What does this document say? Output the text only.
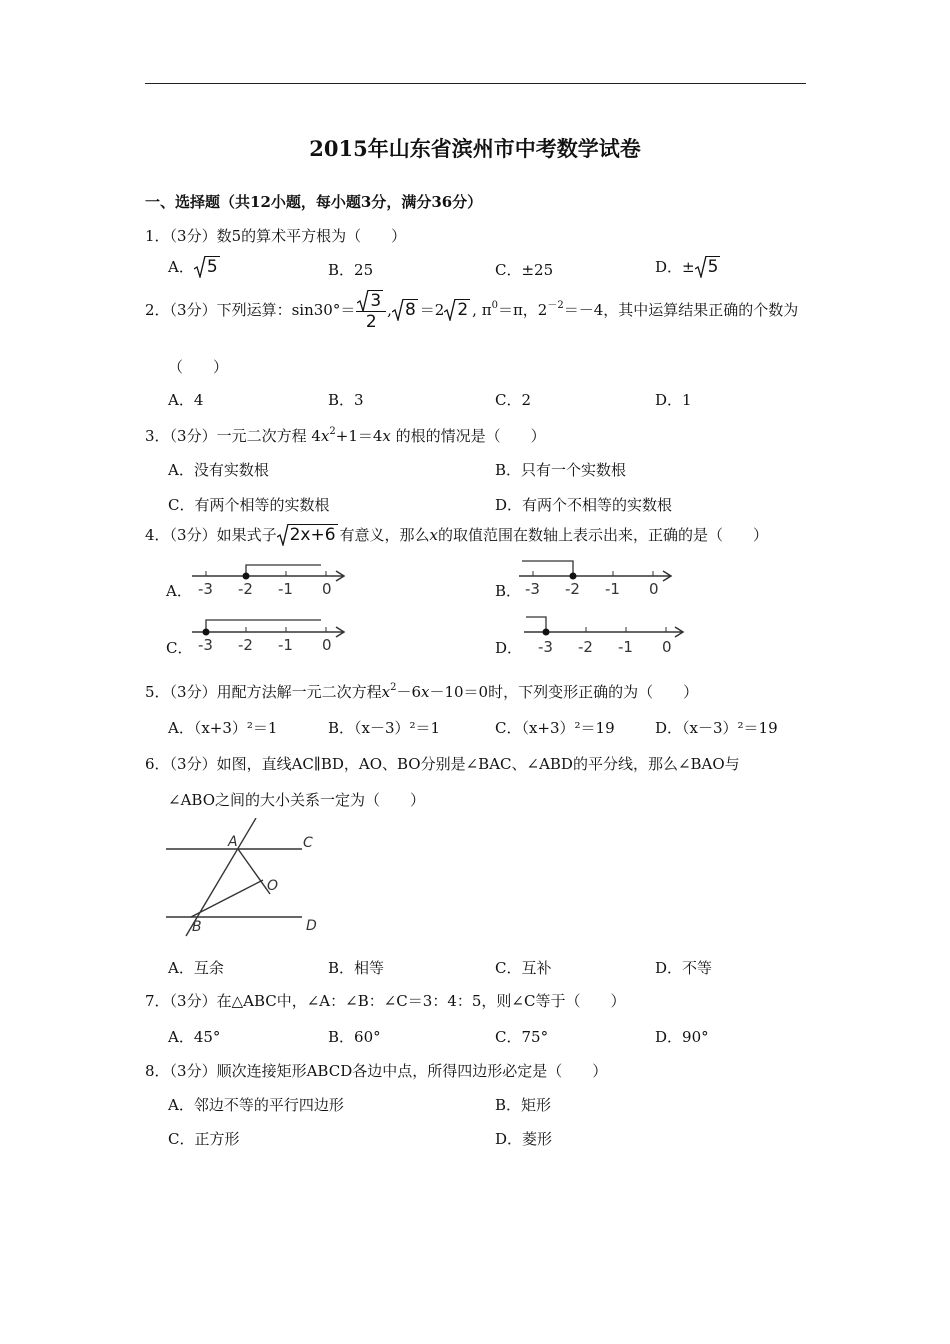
2015年山东省滨州市中考数学试卷
一、选择题（共12小题，每小题3分，满分36分）
1．（3分）数5的算术平方根为（　　）
A． 5	B．25	C．±25	D．± 5
2．（3分）下列运算：$\sin 30^\circ= \frac{3}{2}$ , 8 ＝2 2 , $\pi^0=\pi$，$2^{-2}=-4$，其中运算结果正确的个数为
（　　）
A．4	B．3	C．2	D．1
3．（3分）一元二次方程 $4x^2+1=4x$ 的根的情况是（　　）
A．没有实数根	B．只有一个实数根
C．有两个相等的实数根	D．有两个不相等的实数根
4．（3分）如果式子 2x+6 有意义，那么x的取值范围在数轴上表示出来，正确的是（　　）
A． -3 -2 -1 0	B． -3 -2 -1 0
C． -3 -2 -1 0	D． -3 -2 -1 0
5．（3分）用配方法解一元二次方程$x^2-6x-10=0$时，下列变形正确的为（　　）
A．（x+3）²＝1	B．（x－3）²＝1	C．（x+3）²＝19	D．（x－3）²＝19
6．（3分）如图，直线AC∥BD，AO、BO分别是∠BAC、∠ABD的平分线，那么∠BAO与
∠ABO之间的大小关系一定为（　　）
A	C
O
B	D
A．互余	B．相等	C．互补	D．不等
7．（3分）在△ABC中，∠A：∠B：∠C＝3：4：5，则∠C等于（　　）
A．45°	B．60°	C．75°	D．90°
8．（3分）顺次连接矩形ABCD各边中点，所得四边形必定是（　　）
A．邻边不等的平行四边形	B．矩形
C．正方形	D．菱形
